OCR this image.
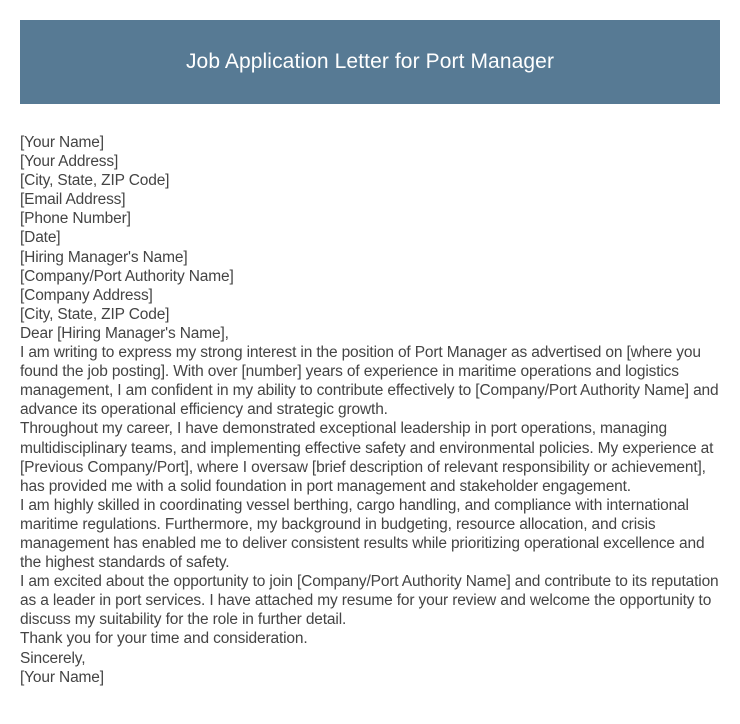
Job Application Letter for Port Manager
[Your Name]
[Your Address]
[City, State, ZIP Code]
[Email Address]
[Phone Number]
[Date]
[Hiring Manager's Name]
[Company/Port Authority Name]
[Company Address]
[City, State, ZIP Code]
Dear [Hiring Manager's Name],
I am writing to express my strong interest in the position of Port Manager as advertised on [where you found the job posting]. With over [number] years of experience in maritime operations and logistics management, I am confident in my ability to contribute effectively to [Company/Port Authority Name] and advance its operational efficiency and strategic growth.
Throughout my career, I have demonstrated exceptional leadership in port operations, managing multidisciplinary teams, and implementing effective safety and environmental policies. My experience at [Previous Company/Port], where I oversaw [brief description of relevant responsibility or achievement], has provided me with a solid foundation in port management and stakeholder engagement.
I am highly skilled in coordinating vessel berthing, cargo handling, and compliance with international maritime regulations. Furthermore, my background in budgeting, resource allocation, and crisis management has enabled me to deliver consistent results while prioritizing operational excellence and the highest standards of safety.
I am excited about the opportunity to join [Company/Port Authority Name] and contribute to its reputation as a leader in port services. I have attached my resume for your review and welcome the opportunity to discuss my suitability for the role in further detail.
Thank you for your time and consideration.
Sincerely,
[Your Name]
